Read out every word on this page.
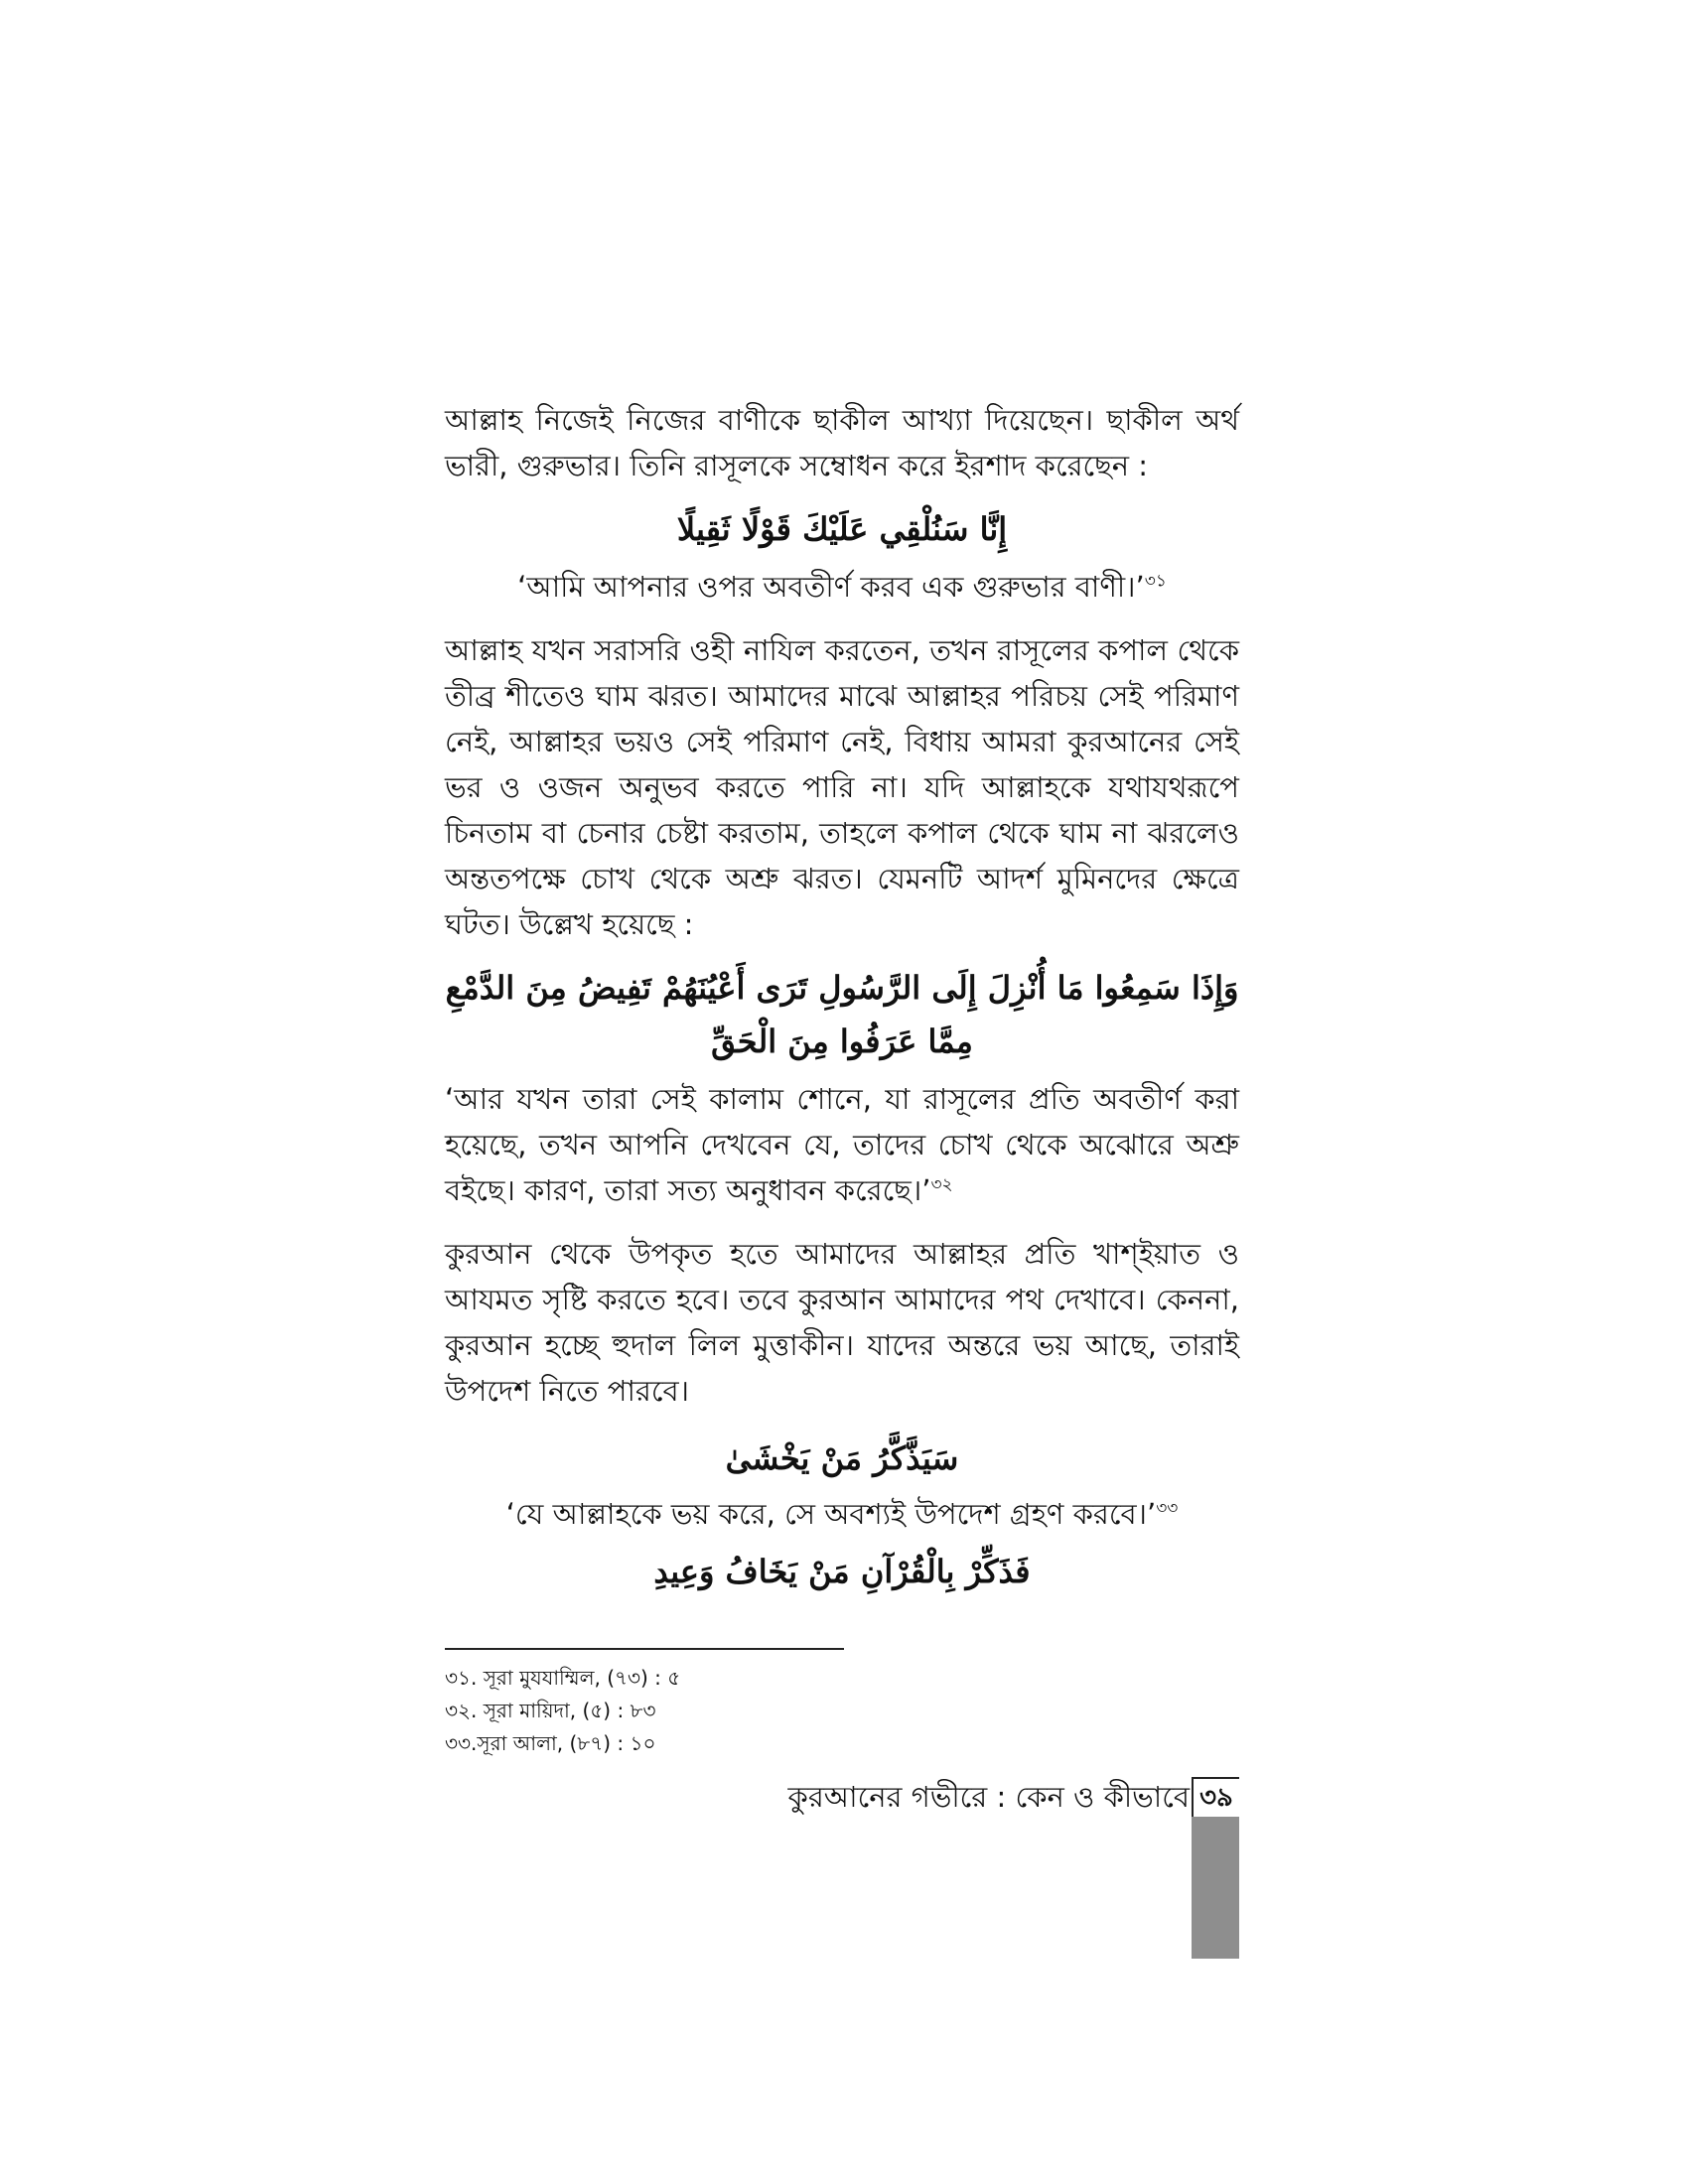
আল্লাহ নিজেই নিজের বাণীকে ছাকীল আখ্যা দিয়েছেন। ছাকীল অর্থ ভারী, গুরুভার। তিনি রাসূলকে সম্বোধন করে ইরশাদ করেছেন :

إِنَّا سَنُلْقِي عَلَيْكَ قَوْلًا ثَقِيلًا

‘আমি আপনার ওপর অবতীর্ণ করব এক গুরুভার বাণী।’$^{৩১}$

আল্লাহ যখন সরাসরি ওহী নাযিল করতেন, তখন রাসূলের কপাল থেকে তীব্র শীতেও ঘাম ঝরত। আমাদের মাঝে আল্লাহর পরিচয় সেই পরিমাণ নেই, আল্লাহর ভয়ও সেই পরিমাণ নেই, বিধায় আমরা কুরআনের সেই ভর ও ওজন অনুভব করতে পারি না। যদি আল্লাহকে যথাযথরূপে চিনতাম বা চেনার চেষ্টা করতাম, তাহলে কপাল থেকে ঘাম না ঝরলেও অন্ততপক্ষে চোখ থেকে অশ্রু ঝরত। যেমনটি আদর্শ মুমিনদের ক্ষেত্রে ঘটত। উল্লেখ হয়েছে :

وَإِذَا سَمِعُوا مَا أُنْزِلَ إِلَى الرَّسُولِ تَرَى أَعْيُنَهُمْ تَفِيضُ مِنَ الدَّمْعِ مِمَّا عَرَفُوا مِنَ الْحَقِّ

‘আর যখন তারা সেই কালাম শোনে, যা রাসূলের প্রতি অবতীর্ণ করা হয়েছে, তখন আপনি দেখবেন যে, তাদের চোখ থেকে অঝোরে অশ্রু বইছে। কারণ, তারা সত্য অনুধাবন করেছে।’$^{৩২}$

কুরআন থেকে উপকৃত হতে আমাদের আল্লাহর প্রতি খাশ্ইয়াত ও আযমত সৃষ্টি করতে হবে। তবে কুরআন আমাদের পথ দেখাবে। কেননা, কুরআন হচ্ছে হুদাল লিল মুত্তাকীন। যাদের অন্তরে ভয় আছে, তারাই উপদেশ নিতে পারবে।

سَيَذَّكَّرُ مَنْ يَخْشَىٰ

‘যে আল্লাহকে ভয় করে, সে অবশ্যই উপদেশ গ্রহণ করবে।’$^{৩৩}$

فَذَكِّرْ بِالْقُرْآنِ مَنْ يَخَافُ وَعِيدِ

৩১. সূরা মুযযাম্মিল, (৭৩) : ৫
৩২. সূরা মায়িদা, (৫) : ৮৩
৩৩.সূরা আলা, (৮৭) : ১০
কুরআনের গভীরে : কেন ও কীভাবে ৩৯
